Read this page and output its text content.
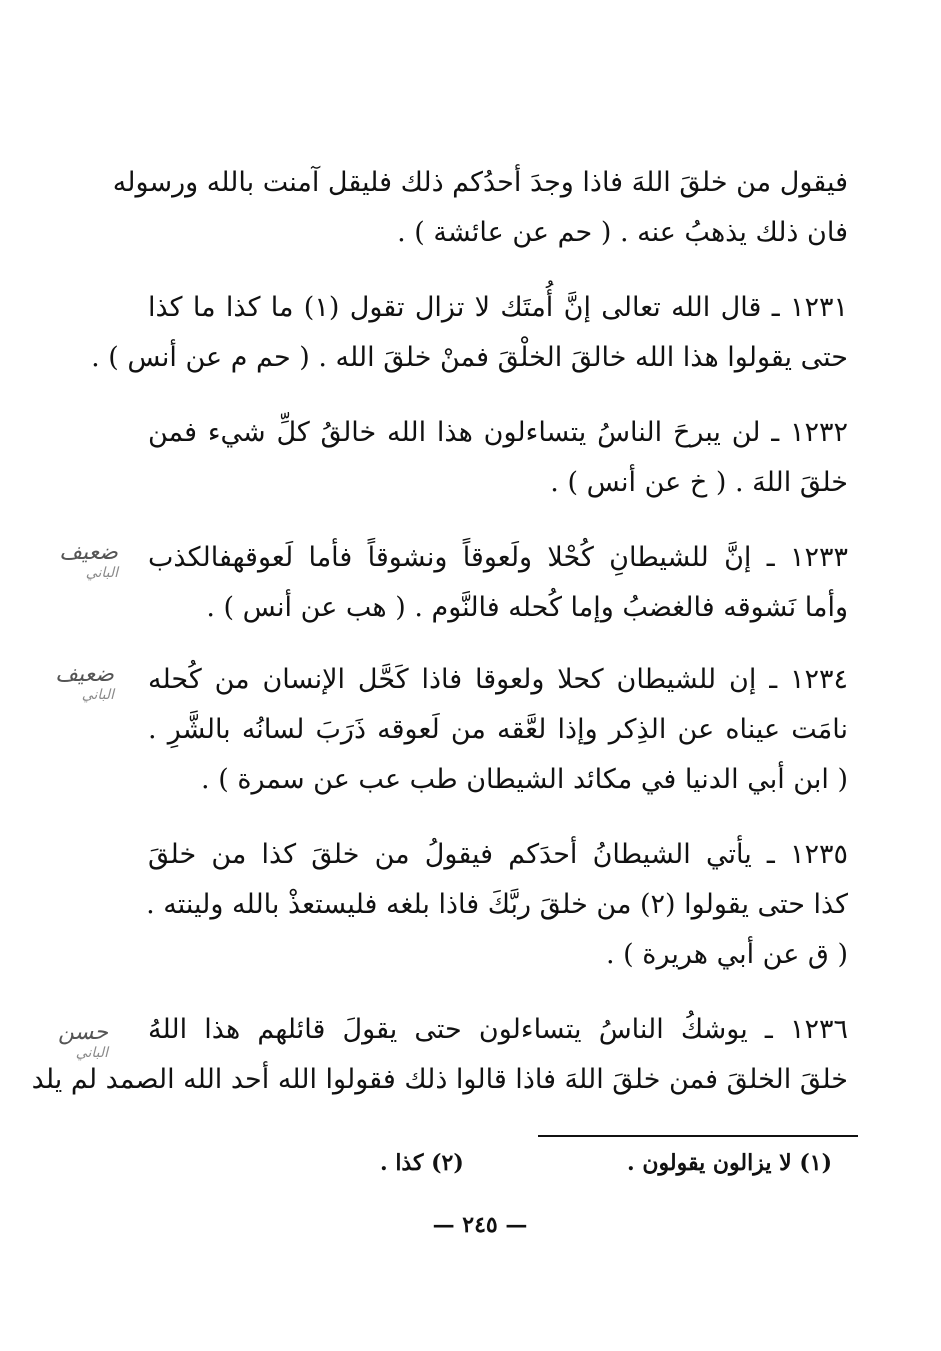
فيقول من خلقَ اللهَ فاذا وجدَ أحدُكم ذلك فليقل آمنت بالله ورسوله
فان ذلك يذهبُ عنه . ( حم عن عائشة ) .
١٢٣١ ـ قال الله تعالى إنَّ أُمتَك لا تزال تقول (١) ما كذا ما كذا
حتى يقولوا هذا الله خالقَ الخلْقَ فمنْ خلقَ الله . ( حم م عن أنس ) .
١٢٣٢ ـ لن يبرحَ الناسُ يتساءلون هذا الله خالقُ كلِّ شيء فمن
خلقَ اللهَ . ( خ عن أنس ) .
١٢٣٣ ـ إنَّ للشيطانِ كُحْلا ولَعوقاً ونشوقاً فأما لَعوقهفالكذب
وأما نَشوقه فالغضبُ وإما كُحله فالنَّوم . ( هب عن أنس ) .
١٢٣٤ ـ إن للشيطان كحلا ولعوقا فاذا كَحَّل الإنسان من كُحله
نامَت عيناه عن الذِكر وإذا لعَّقه من لَعوقه ذَرَبَ لسانُه بالشَّرِ .
( ابن أبي الدنيا في مكائد الشيطان طب عب عن سمرة ) .
١٢٣٥ ـ يأتي الشيطانُ أحدَكم فيقولُ من خلقَ كذا من خلقَ
كذا حتى يقولوا (٢) من خلقَ ربَّكَ فاذا بلغه فليستعذْ بالله ولينته .
( ق عن أبي هريرة ) .
١٢٣٦ ـ يوشكُ الناسُ يتساءلون حتى يقولَ قائلهم هذا اللهُ
خلقَ الخلقَ فمن خلقَ اللهَ فاذا قالوا ذلك فقولوا الله أحد الله الصمد لم يلد
ضعيف
الباني
ضعيف
الباني
حسن
الباني
(١) لا يزالون يقولون .
(٢) كذا .
— ٢٤٥ —
